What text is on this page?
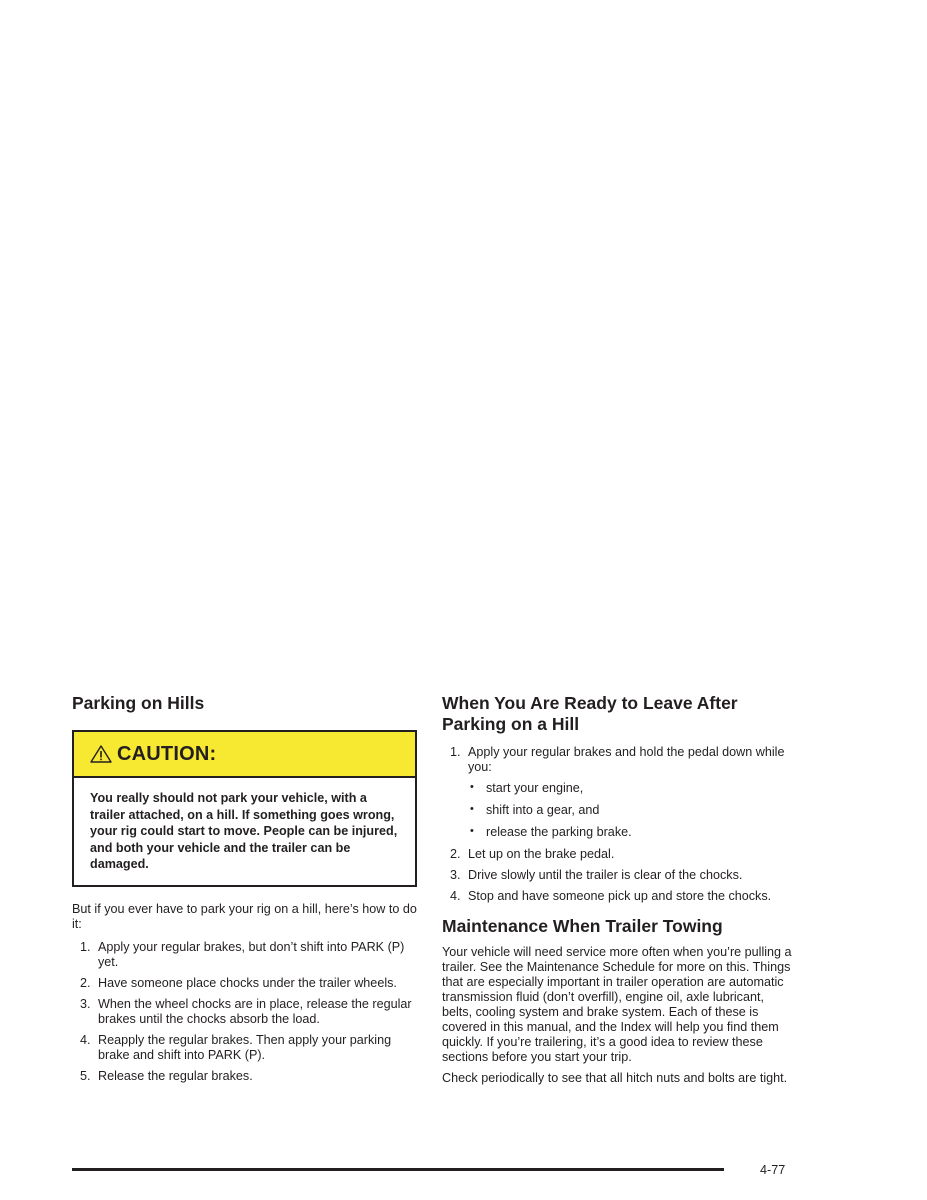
Parking on Hills
CAUTION:
You really should not park your vehicle, with a trailer attached, on a hill. If something goes wrong, your rig could start to move. People can be injured, and both your vehicle and the trailer can be damaged.

But if you ever have to park your rig on a hill, here’s how to do it:

1. Apply your regular brakes, but don’t shift into PARK (P) yet.
2. Have someone place chocks under the trailer wheels.
3. When the wheel chocks are in place, release the regular brakes until the chocks absorb the load.
4. Reapply the regular brakes. Then apply your parking brake and shift into PARK (P).
5. Release the regular brakes.
When You Are Ready to Leave After Parking on a Hill
1. Apply your regular brakes and hold the pedal down while you:
• start your engine,
• shift into a gear, and
• release the parking brake.
2. Let up on the brake pedal.
3. Drive slowly until the trailer is clear of the chocks.
4. Stop and have someone pick up and store the chocks.
Maintenance When Trailer Towing

Your vehicle will need service more often when you’re pulling a trailer. See the Maintenance Schedule for more on this. Things that are especially important in trailer operation are automatic transmission fluid (don’t overfill), engine oil, axle lubricant, belts, cooling system and brake system. Each of these is covered in this manual, and the Index will help you find them quickly. If you’re trailering, it’s a good idea to review these sections before you start your trip.

Check periodically to see that all hitch nuts and bolts are tight.

4-77
